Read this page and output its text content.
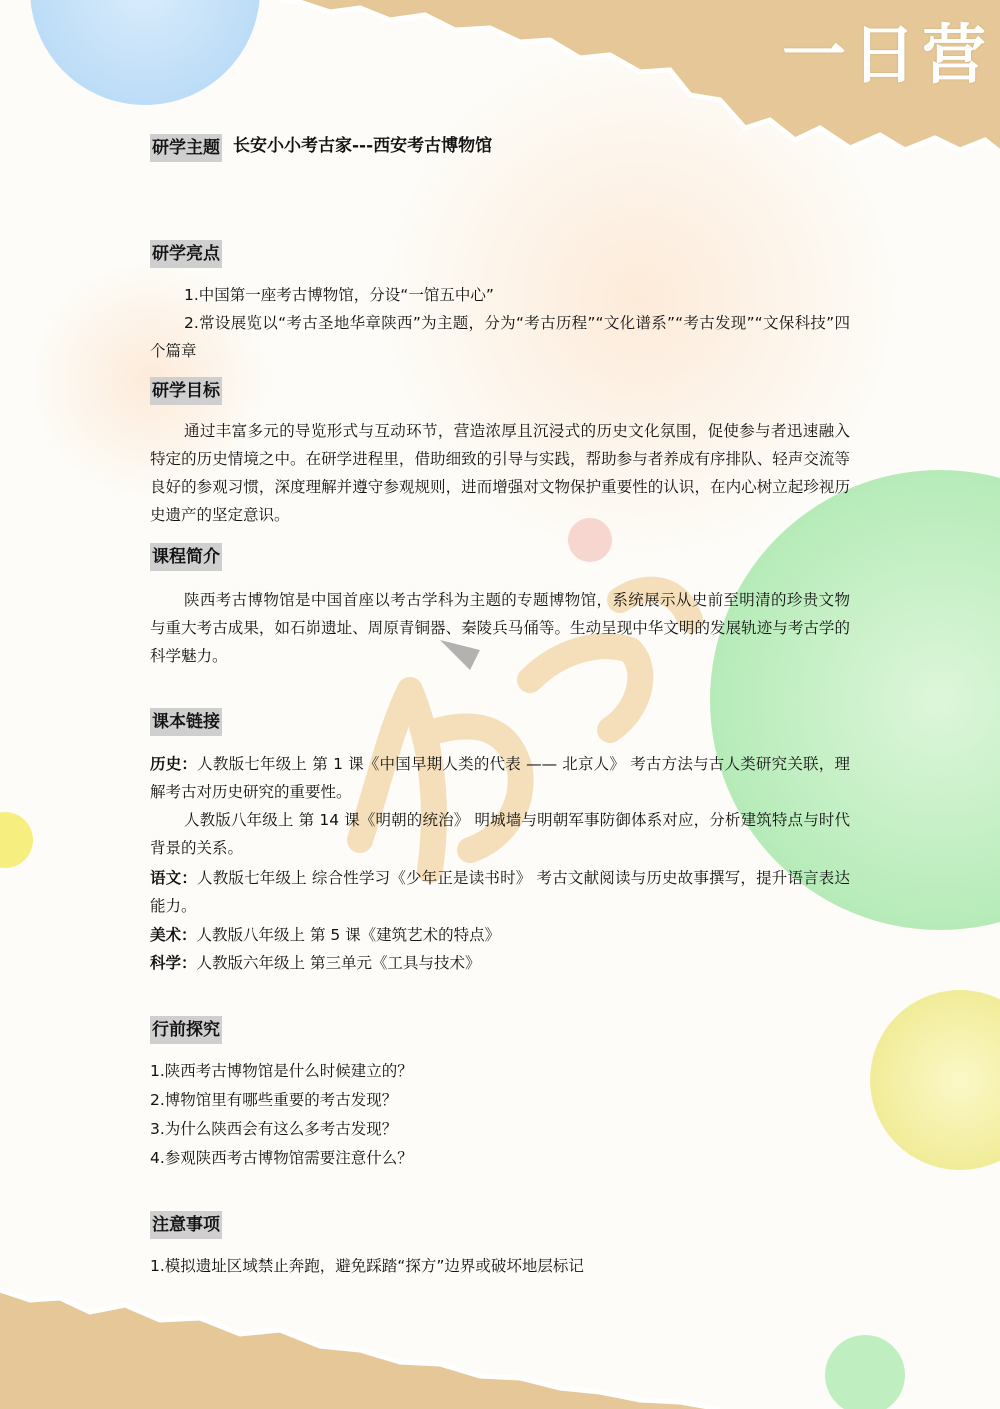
一日营
研学主题 长安小小考古家---西安考古博物馆
研学亮点
1.中国第一座考古博物馆，分设“一馆五中心”

2.常设展览以“考古圣地华章陕西”为主题，分为“考古历程”“文化谱系”“考古发现”“文保科技”四个篇章

研学目标

通过丰富多元的导览形式与互动环节，营造浓厚且沉浸式的历史文化氛围，促使参与者迅速融入特定的历史情境之中。在研学进程里，借助细致的引导与实践，帮助参与者养成有序排队、轻声交流等良好的参观习惯，深度理解并遵守参观规则，进而增强对文物保护重要性的认识，在内心树立起珍视历史遗产的坚定意识。

课程简介

陕西考古博物馆是中国首座以考古学科为主题的专题博物馆，系统展示从史前至明清的珍贵文物与重大考古成果，如石峁遗址、周原青铜器、秦陵兵马俑等。生动呈现中华文明的发展轨迹与考古学的科学魅力。

课本链接

历史：人教版七年级上 第 1 课《中国早期人类的代表 —— 北京人》 考古方法与古人类研究关联，理解考古对历史研究的重要性。

人教版八年级上 第 14 课《明朝的统治》 明城墙与明朝军事防御体系对应，分析建筑特点与时代背景的关系。

语文：人教版七年级上 综合性学习《少年正是读书时》 考古文献阅读与历史故事撰写，提升语言表达能力。

美术：人教版八年级上 第 5 课《建筑艺术的特点》
科学：人教版六年级上 第三单元《工具与技术》
行前探究
1.陕西考古博物馆是什么时候建立的？
2.博物馆里有哪些重要的考古发现？
3.为什么陕西会有这么多考古发现？
4.参观陕西考古博物馆需要注意什么？
注意事项
1.模拟遗址区域禁止奔跑，避免踩踏“探方”边界或破坏地层标记
